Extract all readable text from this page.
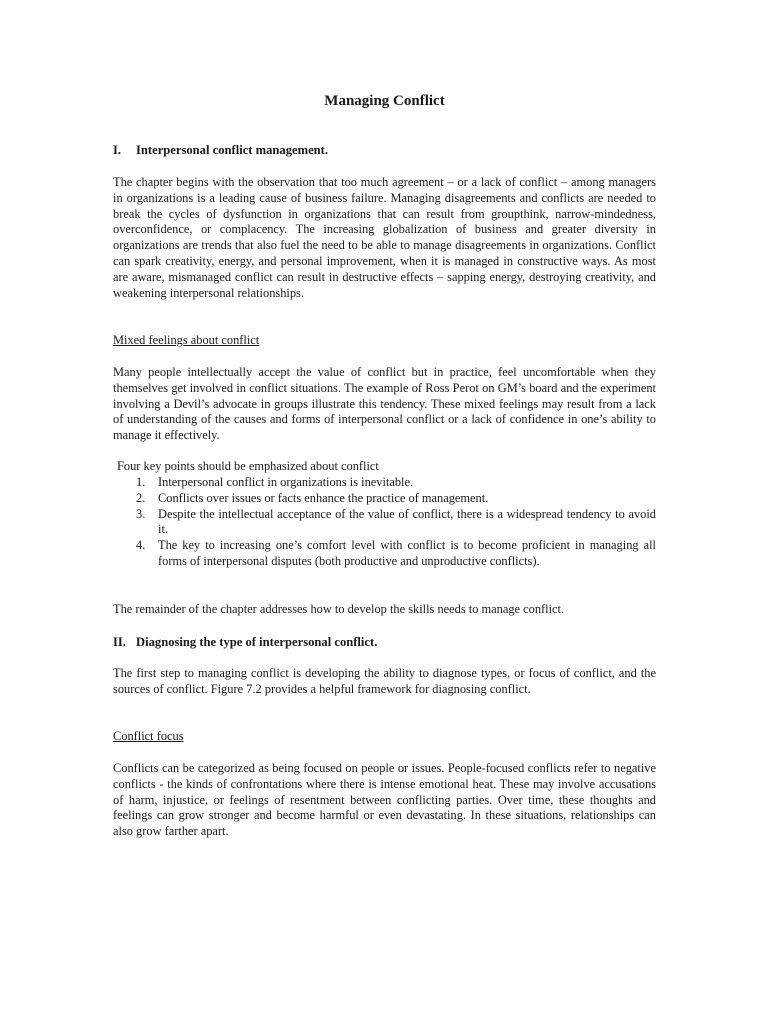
Managing Conflict
I. Interpersonal conflict management.

The chapter begins with the observation that too much agreement – or a lack of conflict – among managers in organizations is a leading cause of business failure. Managing disagreements and conflicts are needed to break the cycles of dysfunction in organizations that can result from groupthink, narrow-mindedness, overconfidence, or complacency. The increasing globalization of business and greater diversity in organizations are trends that also fuel the need to be able to manage disagreements in organizations. Conflict can spark creativity, energy, and personal improvement, when it is managed in constructive ways. As most are aware, mismanaged conflict can result in destructive effects – sapping energy, destroying creativity, and weakening interpersonal relationships.

Mixed feelings about conflict

Many people intellectually accept the value of conflict but in practice, feel uncomfortable when they themselves get involved in conflict situations. The example of Ross Perot on GM’s board and the experiment involving a Devil’s advocate in groups illustrate this tendency. These mixed feelings may result from a lack of understanding of the causes and forms of interpersonal conflict or a lack of confidence in one’s ability to manage it effectively.

Four key points should be emphasized about conflict

1. Interpersonal conflict in organizations is inevitable.
2. Conflicts over issues or facts enhance the practice of management.
3. Despite the intellectual acceptance of the value of conflict, there is a widespread tendency to avoid it.
4. The key to increasing one’s comfort level with conflict is to become proficient in managing all forms of interpersonal disputes (both productive and unproductive conflicts).

The remainder of the chapter addresses how to develop the skills needs to manage conflict.

II. Diagnosing the type of interpersonal conflict.

The first step to managing conflict is developing the ability to diagnose types, or focus of conflict, and the sources of conflict. Figure 7.2 provides a helpful framework for diagnosing conflict.

Conflict focus

Conflicts can be categorized as being focused on people or issues. People-focused conflicts refer to negative conflicts - the kinds of confrontations where there is intense emotional heat. These may involve accusations of harm, injustice, or feelings of resentment between conflicting parties. Over time, these thoughts and feelings can grow stronger and become harmful or even devastating. In these situations, relationships can also grow farther apart.
